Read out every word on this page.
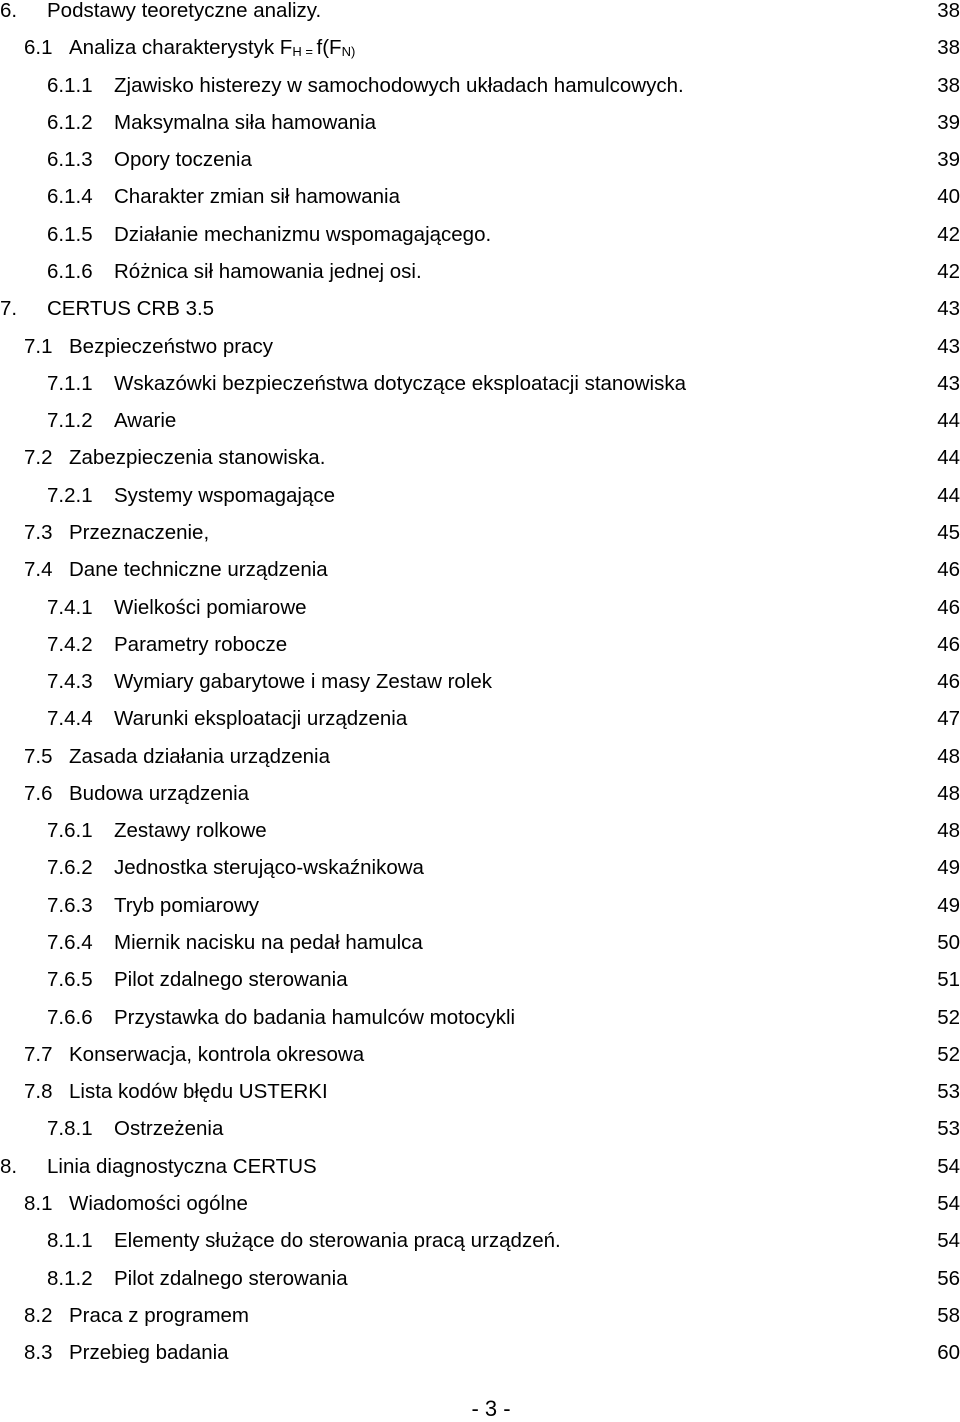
6. Podstawy teoretyczne analizy.	38
6.1 Analiza charakterystyk FH = f(FN)	38
6.1.1 Zjawisko histerezy w samochodowych układach hamulcowych.	38
6.1.2 Maksymalna siła hamowania	39
6.1.3 Opory toczenia	39
6.1.4 Charakter zmian sił hamowania	40
6.1.5 Działanie mechanizmu wspomagającego.	42
6.1.6 Różnica sił hamowania jednej osi.	42
7. CERTUS CRB 3.5	43
7.1 Bezpieczeństwo pracy	43
7.1.1 Wskazówki bezpieczeństwa dotyczące eksploatacji stanowiska	43
7.1.2 Awarie	44
7.2 Zabezpieczenia stanowiska.	44
7.2.1 Systemy wspomagające	44
7.3 Przeznaczenie,	45
7.4 Dane techniczne urządzenia	46
7.4.1 Wielkości pomiarowe	46
7.4.2 Parametry robocze	46
7.4.3 Wymiary gabarytowe i masy Zestaw rolek	46
7.4.4 Warunki eksploatacji urządzenia	47
7.5 Zasada działania urządzenia	48
7.6 Budowa urządzenia	48
7.6.1 Zestawy rolkowe	48
7.6.2 Jednostka sterująco-wskaźnikowa	49
7.6.3 Tryb pomiarowy	49
7.6.4 Miernik nacisku na pedał hamulca	50
7.6.5 Pilot zdalnego sterowania	51
7.6.6 Przystawka do badania hamulców motocykli	52
7.7 Konserwacja, kontrola okresowa	52
7.8 Lista kodów błędu USTERKI	53
7.8.1 Ostrzeżenia	53
8. Linia diagnostyczna CERTUS	54
8.1 Wiadomości ogólne	54
8.1.1 Elementy służące do sterowania pracą urządzeń.	54
8.1.2 Pilot zdalnego sterowania	56
8.2 Praca z programem	58
8.3 Przebieg badania	60
- 3 -
